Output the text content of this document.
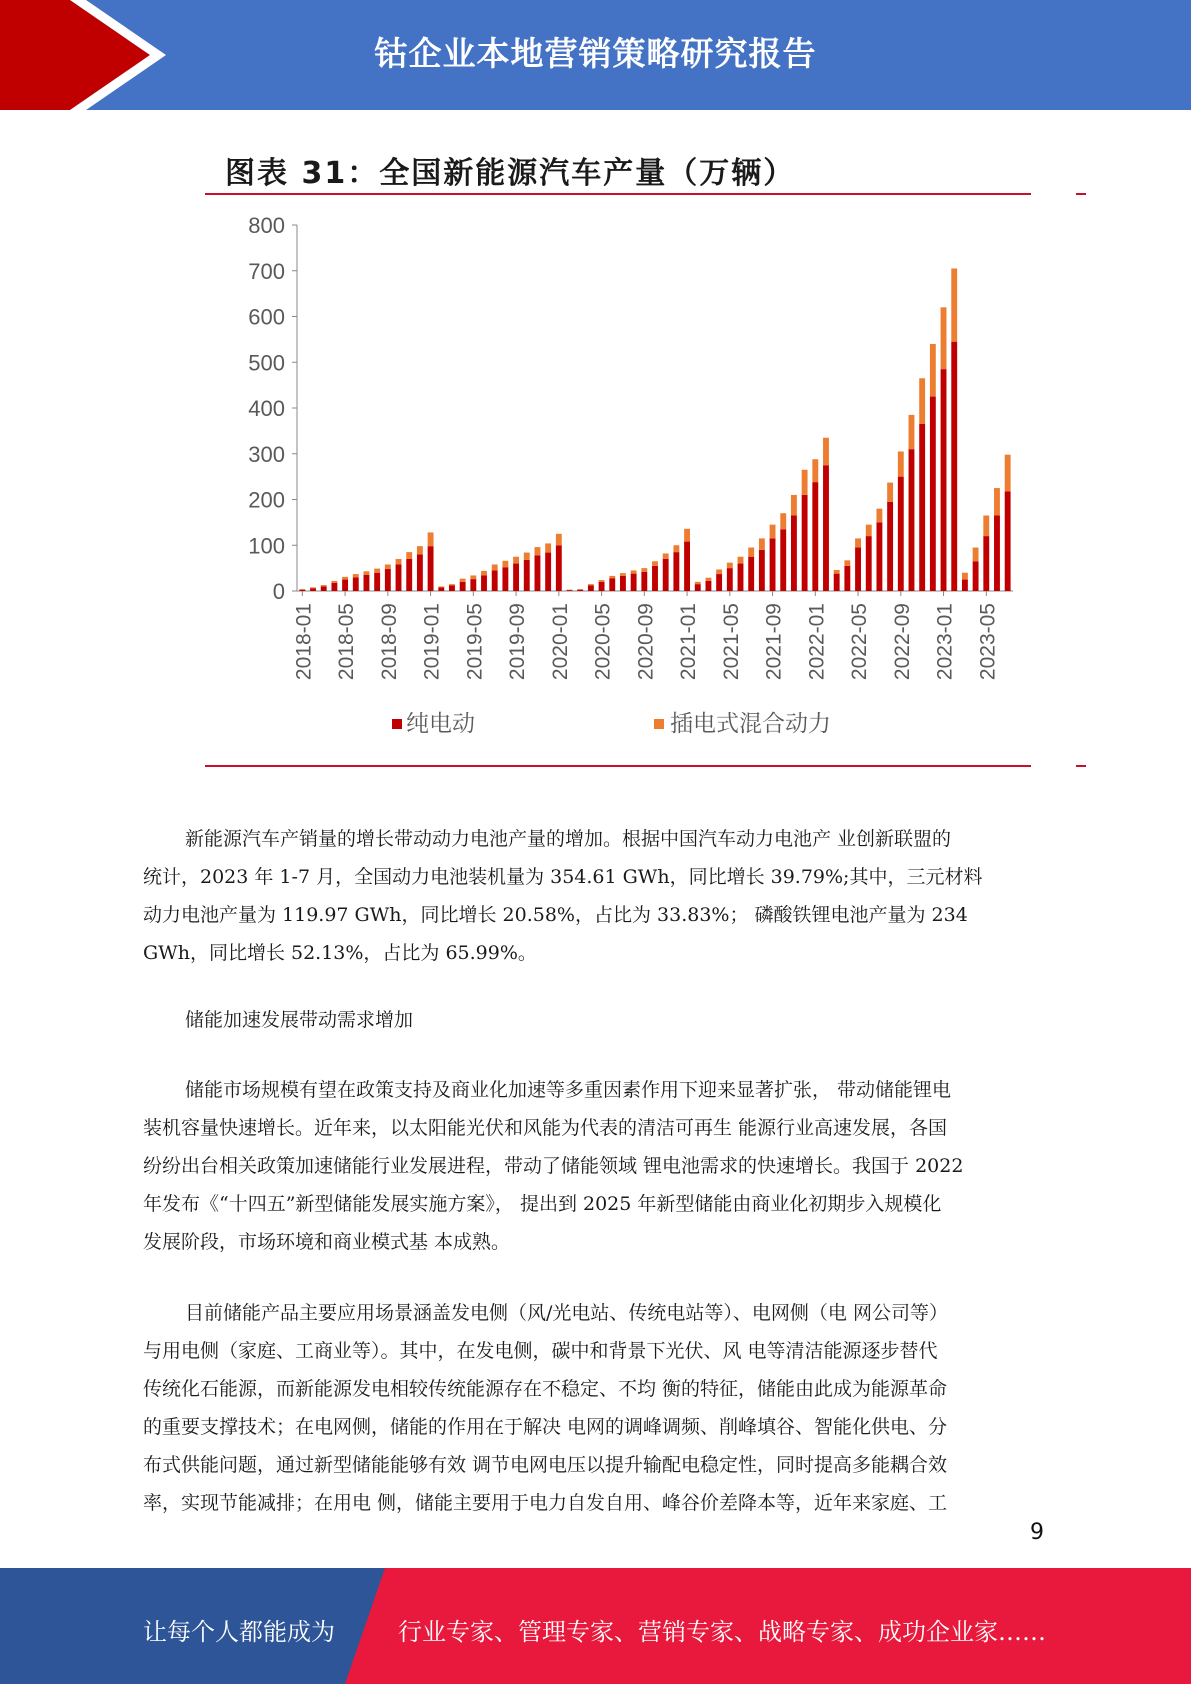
钴企业本地营销策略研究报告
图表 31：全国新能源汽车产量（万辆）
0
100
200
300
400
500
600
700
800
2018-01 2018-05 2018-09 2019-01 2019-05 2019-09 2020-01 2020-05 2020-09 2021-01 2021-05 2021-09 2022-01 2022-05 2022-09 2023-01 2023-05
纯电动	插电式混合动力
新能源汽车产销量的增长带动动力电池产量的增加。根据中国汽车动力电池产 业创新联盟的
统计，2023 年 1-7 月，全国动力电池装机量为 354.61 GWh，同比增长 39.79%;其中，三元材料
动力电池产量为 119.97 GWh，同比增长 20.58%，占比为 33.83%； 磷酸铁锂电池产量为 234
GWh，同比增长 52.13%，占比为 65.99%。
储能加速发展带动需求增加
储能市场规模有望在政策支持及商业化加速等多重因素作用下迎来显著扩张， 带动储能锂电
装机容量快速增长。近年来，以太阳能光伏和风能为代表的清洁可再生 能源行业高速发展，各国
纷纷出台相关政策加速储能行业发展进程，带动了储能领域 锂电池需求的快速增长。我国于 2022
年发布《“十四五”新型储能发展实施方案》， 提出到 2025 年新型储能由商业化初期步入规模化
发展阶段，市场环境和商业模式基 本成熟。
目前储能产品主要应用场景涵盖发电侧（风/光电站、传统电站等）、电网侧（电 网公司等）
与用电侧（家庭、工商业等）。其中，在发电侧，碳中和背景下光伏、风 电等清洁能源逐步替代
传统化石能源，而新能源发电相较传统能源存在不稳定、不均 衡的特征，储能由此成为能源革命
的重要支撑技术；在电网侧，储能的作用在于解决 电网的调峰调频、削峰填谷、智能化供电、分
布式供能问题，通过新型储能能够有效 调节电网电压以提升输配电稳定性，同时提高多能耦合效
率，实现节能减排；在用电 侧，储能主要用于电力自发自用、峰谷价差降本等，近年来家庭、工
9
让每个人都能成为	行业专家、管理专家、营销专家、战略专家、成功企业家……
